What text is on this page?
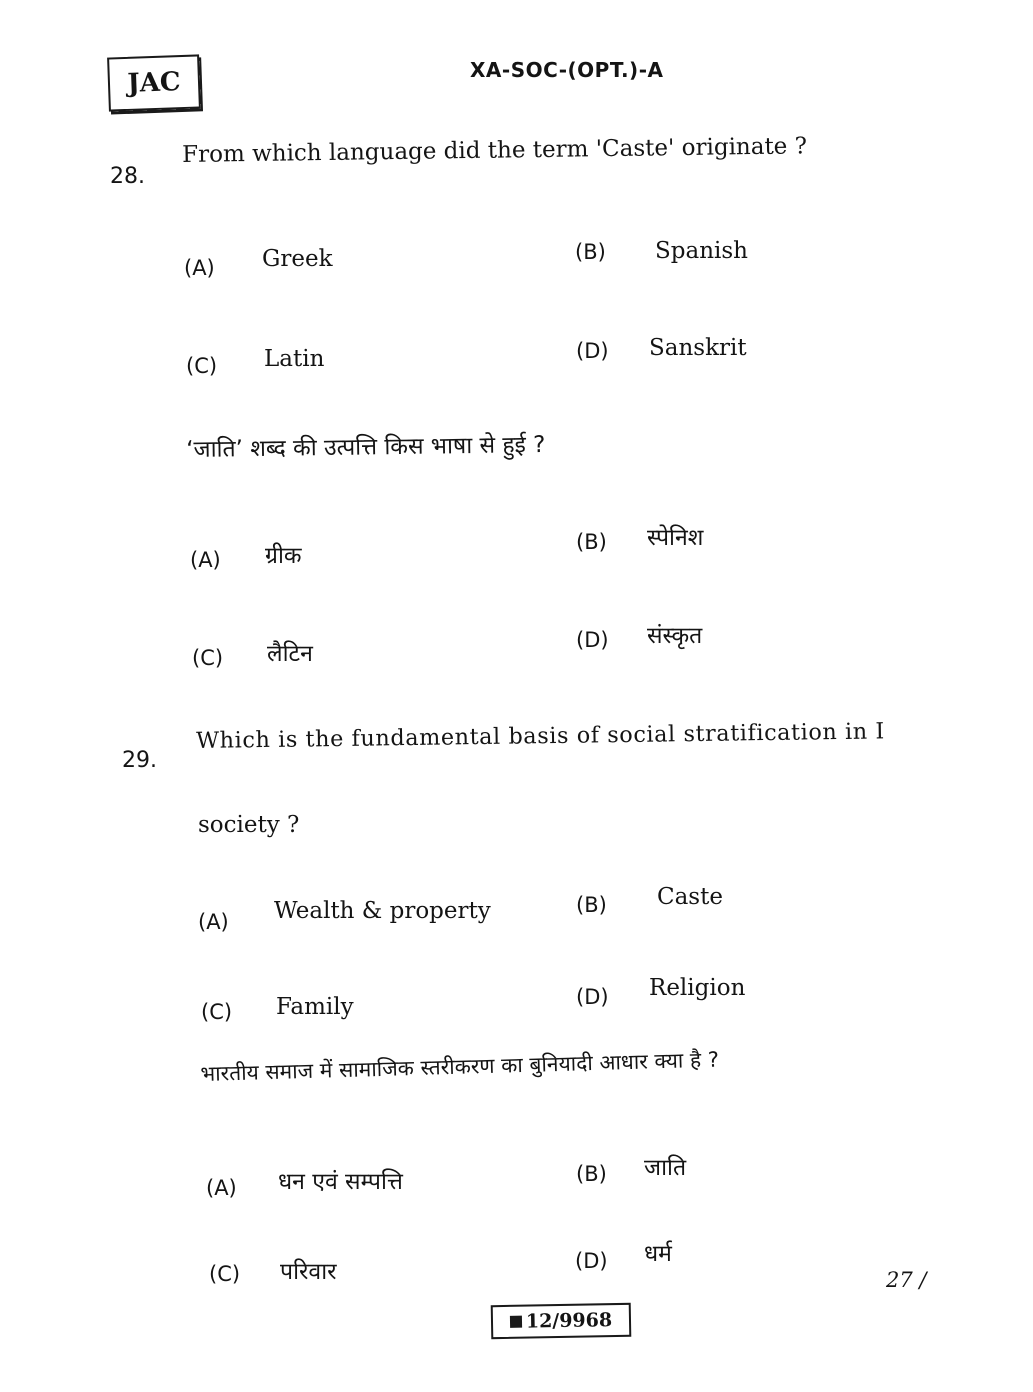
JAC	XA-SOC-(OPT.)-A
28.
From which language did the term 'Caste' originate ?
(A) Greek	(B) Spanish
(C) Latin	(D) Sanskrit
‘जाति’ शब्द की उत्पत्ति किस भाषा से हुई ?
(A) ग्रीक
(B) स्पेनिश
(C) लैटिन
(D) संस्कृत
29.
Which is the fundamental basis of social stratification in I
society ?
(A) Wealth & property	(B) Caste
(C) Family	(D) Religion
भारतीय समाज में सामाजिक स्तरीकरण का बुनियादी आधार क्या है ?
(A) धन एवं सम्पत्ति	(B) जाति
(C) परिवार	(D) धर्म
27 /
12/9968
